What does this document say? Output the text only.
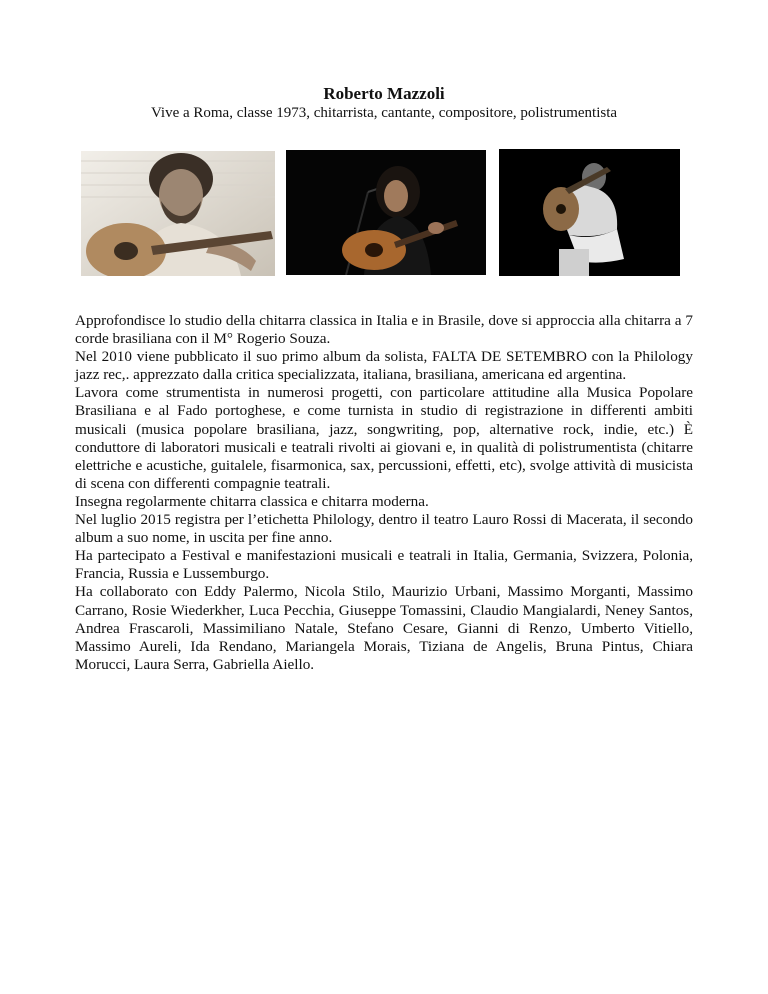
Roberto Mazzoli
Vive a Roma, classe 1973, chitarrista, cantante, compositore, polistrumentista

Approfondisce lo studio della chitarra classica in Italia e in Brasile, dove si approccia alla chitarra a 7 corde brasiliana con il M° Rogerio Souza.

Nel 2010 viene pubblicato il suo primo album da solista, FALTA DE SETEMBRO con la Philology jazz rec,. apprezzato dalla critica specializzata, italiana, brasiliana, americana ed argentina.

Lavora come strumentista in numerosi progetti, con particolare attitudine alla Musica Popolare Brasiliana e al Fado portoghese, e come turnista in studio di registrazione in differenti ambiti musicali (musica popolare brasiliana, jazz, songwriting, pop, alternative rock, indie, etc.) È conduttore di laboratori musicali e teatrali rivolti ai giovani e, in qualità di polistrumentista (chitarre elettriche e acustiche, guitalele, fisarmonica, sax, percussioni, effetti, etc), svolge attività di musicista di scena con differenti compagnie teatrali.

Insegna regolarmente chitarra classica e chitarra moderna.

Nel luglio 2015 registra per l’etichetta Philology, dentro il teatro Lauro Rossi di Macerata, il secondo album a suo nome, in uscita per fine anno.

Ha partecipato a Festival e manifestazioni musicali e teatrali in Italia, Germania, Svizzera, Polonia, Francia, Russia e Lussemburgo.

Ha collaborato con Eddy Palermo, Nicola Stilo, Maurizio Urbani, Massimo Morganti, Massimo Carrano, Rosie Wiederkher, Luca Pecchia, Giuseppe Tomassini, Claudio Mangialardi, Neney Santos, Andrea Frascaroli, Massimiliano Natale, Stefano Cesare, Gianni di Renzo, Umberto Vitiello, Massimo Aureli, Ida Rendano, Mariangela Morais, Tiziana de Angelis, Bruna Pintus, Chiara Morucci, Laura Serra, Gabriella Aiello.
